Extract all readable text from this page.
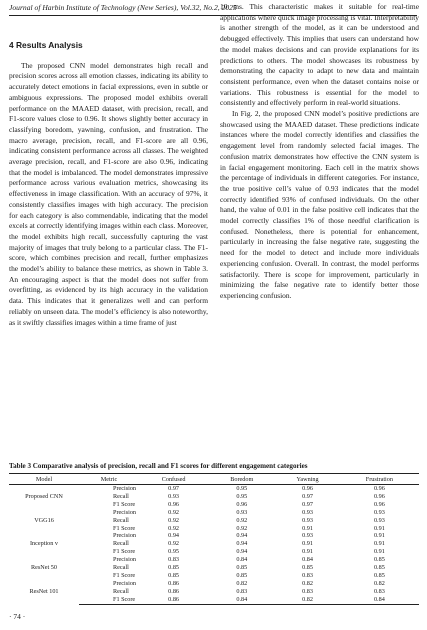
Journal of Harbin Institute of Technology (New Series), Vol.32, No.2, 2025
4 Results Analysis

The proposed CNN model demonstrates high recall and precision scores across all emotion classes, indicating its ability to accurately detect emotions in facial expressions, even in subtle or ambiguous expressions. The proposed model exhibits overall performance on the MAAED dataset, with precision, recall, and F1-score values close to 0.96. It shows slightly better accuracy in classifying boredom, yawning, confusion, and frustration. The macro average, precision, recall, and F1-score are all 0.96, indicating consistent performance across all classes. The weighted average precision, recall, and F1-score are also 0.96, indicating that the model is imbalanced. The model demonstrates impressive performance across various evaluation metrics, showcasing its effectiveness in image classification. With an accuracy of 97%, it consistently classifies images with high accuracy. The precision for each category is also commendable, indicating that the model excels at correctly identifying images within each class. Moreover, the model exhibits high recall, successfully capturing the vast majority of images that truly belong to a particular class. The F1-score, which combines precision and recall, further emphasizes the model’s ability to balance these metrics, as shown in Table 3. An encouraging aspect is that the model does not suffer from overfitting, as evidenced by its high accuracy in the validation data. This indicates that it generalizes well and can perform reliably on unseen data. The model’s efficiency is also noteworthy, as it swiftly classifies images within a time frame of just

10 ms. This characteristic makes it suitable for real-time applications where quick image processing is vital. Interpretability is another strength of the model, as it can be understood and debugged effectively. This implies that users can understand how the model makes decisions and can provide explanations for its predictions to others. The model showcases its robustness by demonstrating the capacity to adapt to new data and maintain consistent performance, even when the dataset contains noise or variations. This robustness is essential for the model to consistently and effectively perform in real-world situations.

In Fig. 2, the proposed CNN model’s positive predictions are showcased using the MAAED dataset. These predictions indicate instances where the model correctly identifies and classifies the engagement level from randomly selected facial images. The confusion matrix demonstrates how effective the CNN system is in facial engagement monitoring. Each cell in the matrix shows the percentage of individuals in different categories. For instance, the true positive cell’s value of 0.93 indicates that the model correctly identified 93% of confused individuals. On the other hand, the value of 0.01 in the false positive cell indicates that the model correctly classifies 1% of those needful clarification is confused. Nonetheless, there is potential for enhancement, particularly in increasing the false negative rate, suggesting the need for the model to detect and include more individuals experiencing confusion. Overall. In contrast, the model performs satisfactorily. There is scope for improvement, particularly in minimizing the false negative rate to identify better those experiencing confusion.

Table 3 Comparative analysis of precision, recall and F1 scores for different engagement categories
Model	Metric	Confused	Boredom	Yawning	Frustration
Proposed CNN	Precision	0.97	0.95	0.96	0.96
	Recall	0.93	0.95	0.97	0.96
	F1 Score	0.96	0.96	0.97	0.96
VGG16	Precision	0.92	0.93	0.93	0.93
	Recall	0.92	0.92	0.93	0.93
	F1 Score	0.92	0.92	0.91	0.91
Inception v	Precision	0.94	0.94	0.93	0.91
	Recall	0.92	0.94	0.91	0.91
	F1 Score	0.95	0.94	0.91	0.91
ResNet 50	Precision	0.83	0.84	0.84	0.85
	Recall	0.85	0.85	0.85	0.85
	F1 Score	0.85	0.85	0.83	0.85
ResNet 101	Precision	0.86	0.82	0.82	0.82
	Recall	0.86	0.83	0.83	0.83
	F1 Score	0.86	0.84	0.82	0.84
· 74 ·
